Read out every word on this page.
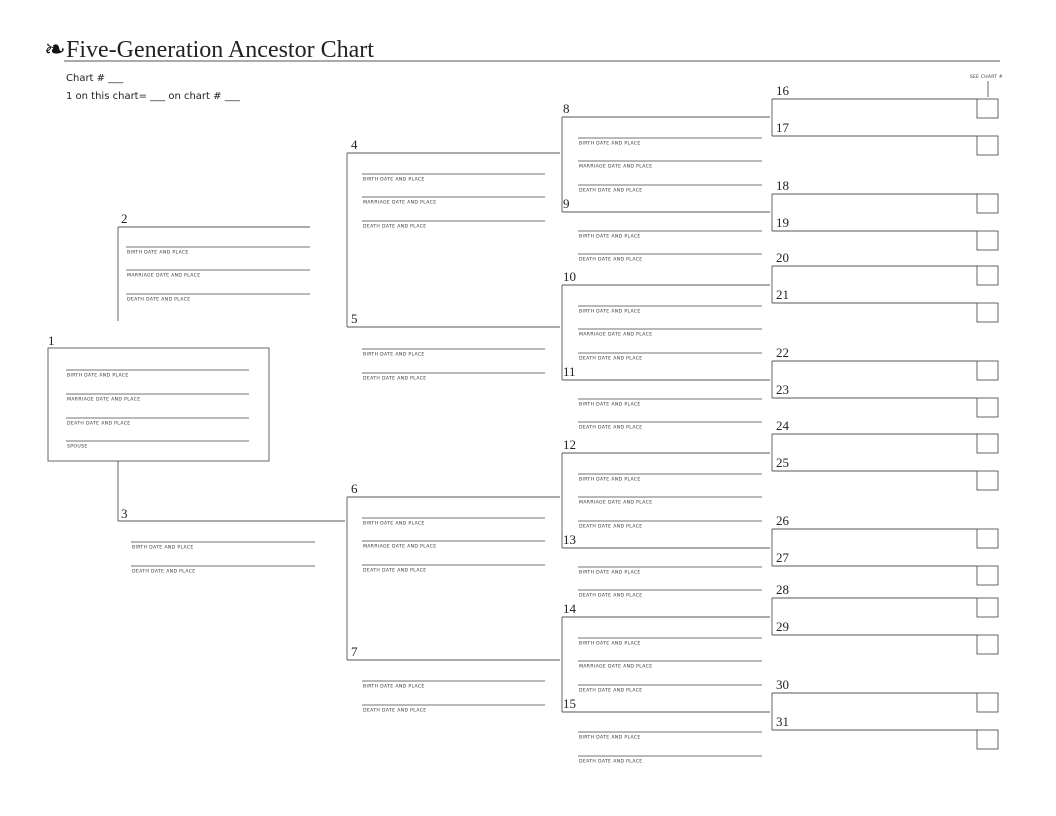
❧ Five-Generation Ancestor Chart
Chart # ___
1 on this chart= ___ on chart # ___
SEE CHART #
1
BIRTH DATE AND PLACE
MARRIAGE DATE AND PLACE
DEATH DATE AND PLACE
SPOUSE
2
3
BIRTH DATE AND PLACE
MARRIAGE DATE AND PLACE
DEATH DATE AND PLACE
BIRTH DATE AND PLACE
DEATH DATE AND PLACE
4
5
6
7
BIRTH DATE AND PLACE
MARRIAGE DATE AND PLACE
DEATH DATE AND PLACE
BIRTH DATE AND PLACE
DEATH DATE AND PLACE
BIRTH DATE AND PLACE
MARRIAGE DATE AND PLACE
DEATH DATE AND PLACE
BIRTH DATE AND PLACE
DEATH DATE AND PLACE
8
9
10
11
12
13
14
15
BIRTH DATE AND PLACE
MARRIAGE DATE AND PLACE
DEATH DATE AND PLACE
BIRTH DATE AND PLACE
DEATH DATE AND PLACE
BIRTH DATE AND PLACE
MARRIAGE DATE AND PLACE
DEATH DATE AND PLACE
BIRTH DATE AND PLACE
DEATH DATE AND PLACE
BIRTH DATE AND PLACE
MARRIAGE DATE AND PLACE
DEATH DATE AND PLACE
BIRTH DATE AND PLACE
DEATH DATE AND PLACE
BIRTH DATE AND PLACE
MARRIAGE DATE AND PLACE
DEATH DATE AND PLACE
BIRTH DATE AND PLACE
DEATH DATE AND PLACE
16
17
18
19
20
21
22
23
24
25
26
27
28
29
30
31
